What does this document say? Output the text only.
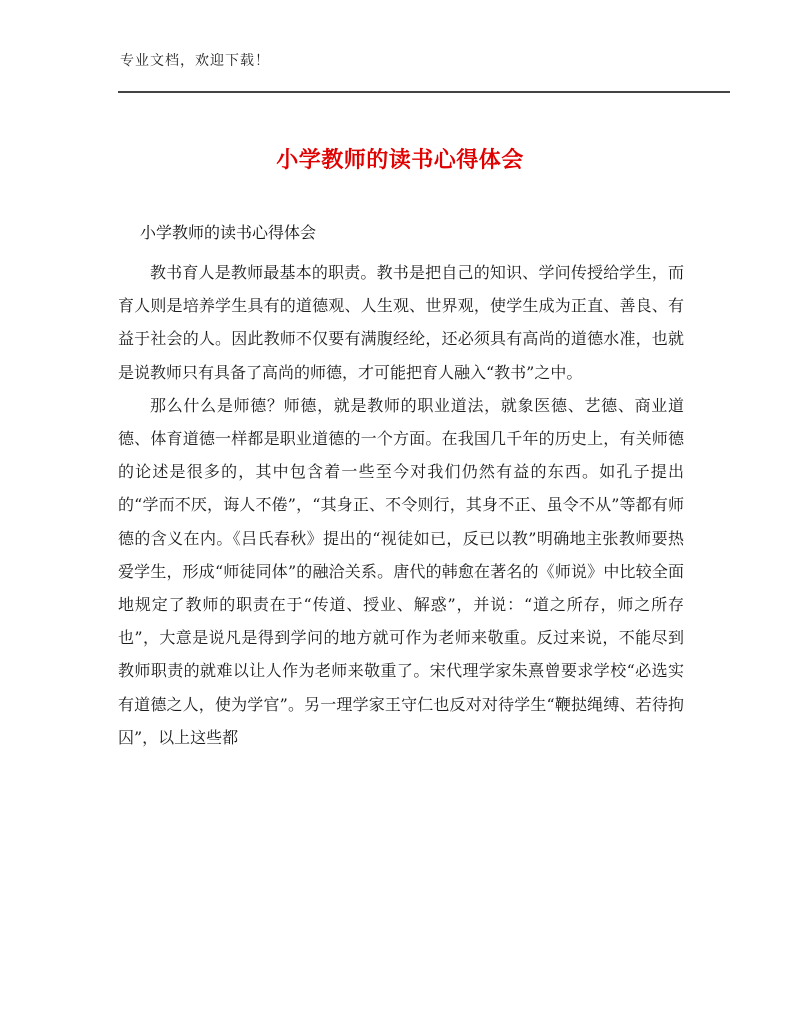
专业文档，欢迎下载！
小学教师的读书心得体会
小学教师的读书心得体会

教书育人是教师最基本的职责。教书是把自己的知识、学问传授给学生，而育人则是培养学生具有的道德观、人生观、世界观，使学生成为正直、善良、有益于社会的人。因此教师不仅要有满腹经纶，还必须具有高尚的道德水准，也就是说教师只有具备了高尚的师德，才可能把育人融入“教书”之中。

那么什么是师德？师德，就是教师的职业道法，就象医德、艺德、商业道德、体育道德一样都是职业道德的一个方面。在我国几千年的历史上，有关师德的论述是很多的，其中包含着一些至今对我们仍然有益的东西。如孔子提出的“学而不厌，诲人不倦”，“其身正、不令则行，其身不正、虽令不从”等都有师德的含义在内。《吕氏春秋》提出的“视徒如已，反已以教”明确地主张教师要热爱学生，形成“师徒同体”的融洽关系。唐代的韩愈在著名的《师说》中比较全面地规定了教师的职责在于“传道、授业、解惑”，并说：“道之所存，师之所存也”，大意是说凡是得到学问的地方就可作为老师来敬重。反过来说，不能尽到教师职责的就难以让人作为老师来敬重了。宋代理学家朱熹曾要求学校“必选实有道德之人，使为学官”。另一理学家王守仁也反对对待学生“鞭挞绳缚、若待拘囚”，以上这些都
